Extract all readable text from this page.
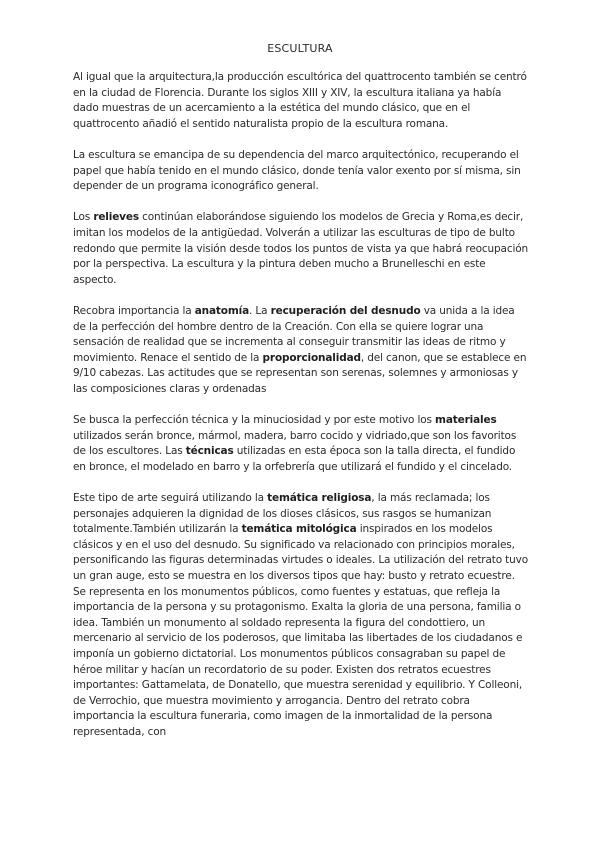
ESCULTURA

Al igual que la arquitectura,la producción escultórica del quattrocento también se centró en la ciudad de Florencia. Durante los siglos XIII y XIV, la escultura italiana ya había dado muestras de un acercamiento a la estética del mundo clásico, que en el quattrocento añadió el sentido naturalista propio de la escultura romana.

La escultura se emancipa de su dependencia del marco arquitectónico, recuperando el papel que había tenido en el mundo clásico, donde tenía valor exento por sí misma, sin depender de un programa iconográfico general.

Los relieves continúan elaborándose siguiendo los modelos de Grecia y Roma,es decir, imitan los modelos de la antigüedad. Volverán a utilizar las esculturas de tipo de bulto redondo que permite la visión desde todos los puntos de vista ya que habrá reocupación por la perspectiva. La escultura y la pintura deben mucho a Brunelleschi en este aspecto.

Recobra importancia la anatomía. La recuperación del desnudo va unida a la idea de la perfección del hombre dentro de la Creación. Con ella se quiere lograr una sensación de realidad que se incrementa al conseguir transmitir las ideas de ritmo y movimiento. Renace el sentido de la proporcionalidad, del canon, que se establece en 9/10 cabezas. Las actitudes que se representan son serenas, solemnes y armoniosas y las composiciones claras y ordenadas

Se busca la perfección técnica y la minuciosidad y por este motivo los materiales utilizados serán bronce, mármol, madera, barro cocido y vidriado,que son los favoritos de los escultores. Las técnicas utilizadas en esta época son la talla directa, el fundido en bronce, el modelado en barro y la orfebrería que utilizará el fundido y el cincelado.

Este tipo de arte seguirá utilizando la temática religiosa, la más reclamada; los personajes adquieren la dignidad de los dioses clásicos, sus rasgos se humanizan totalmente.También utilizarán la temática mitológica inspirados en los modelos clásicos y en el uso del desnudo. Su significado va relacionado con principios morales, personificando las figuras determinadas virtudes o ideales. La utilización del retrato tuvo un gran auge, esto se muestra en los diversos tipos que hay: busto y retrato ecuestre. Se representa en los monumentos públicos, como fuentes y estatuas, que refleja la importancia de la persona y su protagonismo. Exalta la gloria de una persona, familia o idea. También un monumento al soldado representa la figura del condottiero, un mercenario al servicio de los poderosos, que limitaba las libertades de los ciudadanos e imponía un gobierno dictatorial. Los monumentos públicos consagraban su papel de héroe militar y hacían un recordatorio de su poder. Existen dos retratos ecuestres importantes: Gattamelata, de Donatello, que muestra serenidad y equilibrio. Y Colleoni, de Verrochio, que muestra movimiento y arrogancia. Dentro del retrato cobra importancia la escultura funeraria, como imagen de la inmortalidad de la persona representada, con
